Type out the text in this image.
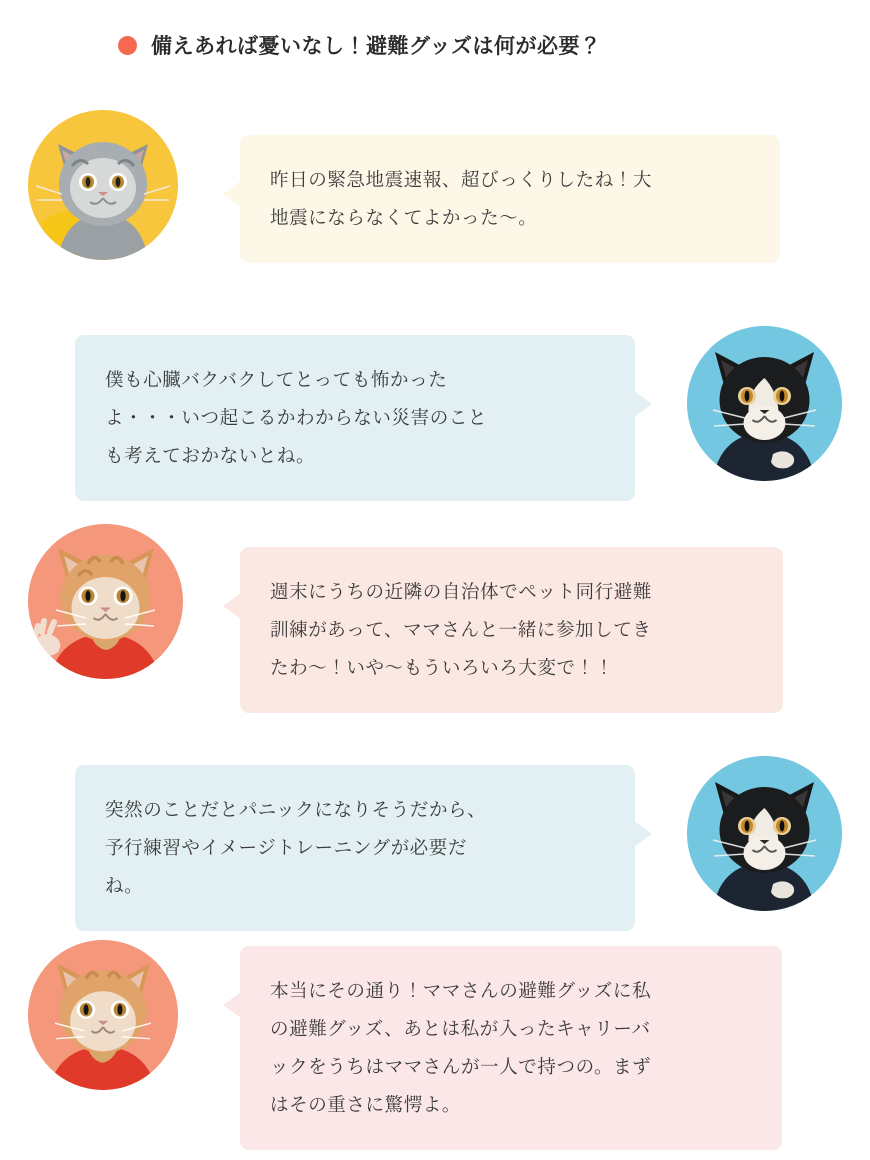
備えあれば憂いなし！避難グッズは何が必要？

昨日の緊急地震速報、超びっくりしたね！大

地震にならなくてよかった〜。

僕も心臓バクバクしてとっても怖かった

よ・・・いつ起こるかわからない災害のこと

も考えておかないとね。

週末にうちの近隣の自治体でペット同行避難

訓練があって、ママさんと一緒に参加してき

たわ〜！いや〜もういろいろ大変で！！

突然のことだとパニックになりそうだから、

予行練習やイメージトレーニングが必要だ

ね。

本当にその通り！ママさんの避難グッズに私

の避難グッズ、あとは私が入ったキャリーバ

ックをうちはママさんが一人で持つの。まず

はその重さに驚愕よ。
